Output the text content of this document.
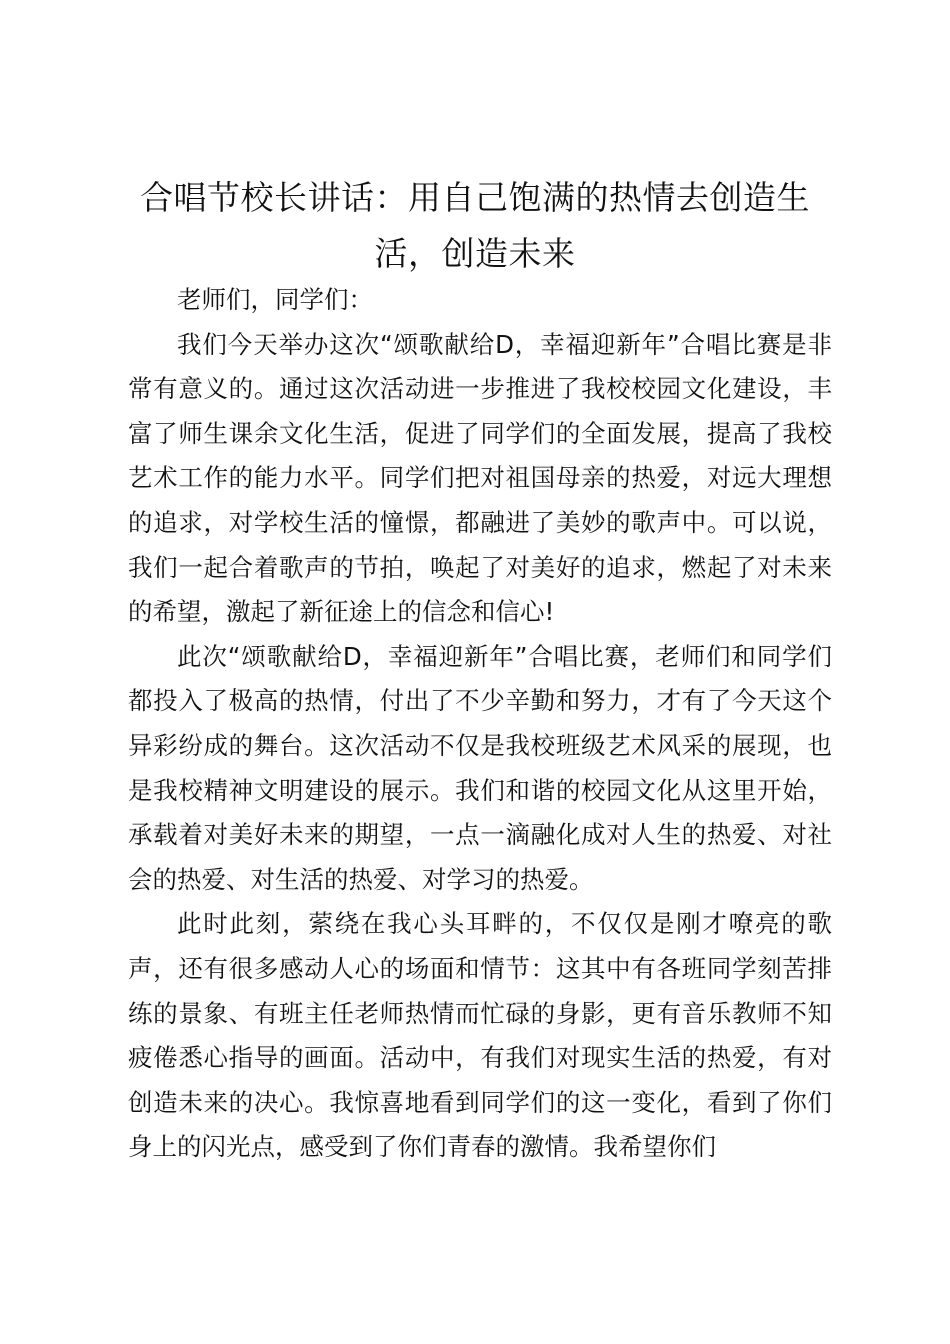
合唱节校长讲话：用自己饱满的热情去创造生活，创造未来

老师们，同学们：

我们今天举办这次“颂歌献给D，幸福迎新年”合唱比赛是非常有意义的。通过这次活动进一步推进了我校校园文化建设，丰富了师生课余文化生活，促进了同学们的全面发展，提高了我校艺术工作的能力水平。同学们把对祖国母亲的热爱，对远大理想的追求，对学校生活的憧憬，都融进了美妙的歌声中。可以说，我们一起合着歌声的节拍，唤起了对美好的追求，燃起了对未来的希望，激起了新征途上的信念和信心!

此次“颂歌献给D，幸福迎新年”合唱比赛，老师们和同学们都投入了极高的热情，付出了不少辛勤和努力，才有了今天这个异彩纷成的舞台。这次活动不仅是我校班级艺术风采的展现，也是我校精神文明建设的展示。我们和谐的校园文化从这里开始，承载着对美好未来的期望，一点一滴融化成对人生的热爱、对社会的热爱、对生活的热爱、对学习的热爱。

此时此刻，萦绕在我心头耳畔的，不仅仅是刚才嘹亮的歌声，还有很多感动人心的场面和情节：这其中有各班同学刻苦排练的景象、有班主任老师热情而忙碌的身影，更有音乐教师不知疲倦悉心指导的画面。活动中，有我们对现实生活的热爱，有对创造未来的决心。我惊喜地看到同学们的这一变化，看到了你们身上的闪光点，感受到了你们青春的激情。我希望你们
